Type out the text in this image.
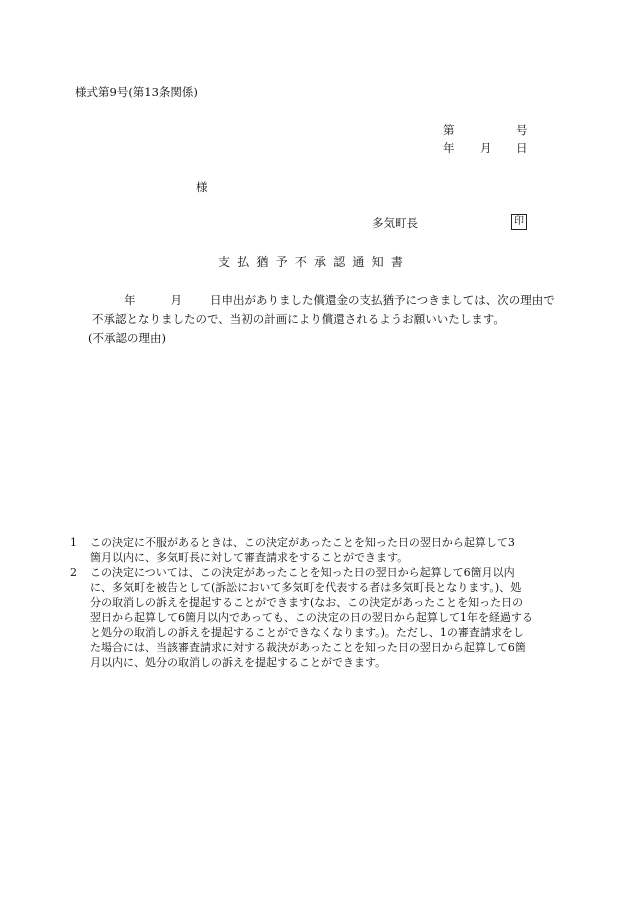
様式第9号(第13条関係)
第	号
年 月 日
様
多気町長	印
支 払 猶 予 不 承 認 通 知 書
年	月 日申出がありました償還金の支払猶予につきましては、次の理由で
不承認となりましたので、当初の計画により償還されるようお願いいたします。
(不承認の理由)
1	この決定に不服があるときは、この決定があったことを知った日の翌日から起算して3
箇月以内に、多気町長に対して審査請求をすることができます。
2	この決定については、この決定があったことを知った日の翌日から起算して6箇月以内
に、多気町を被告として(訴訟において多気町を代表する者は多気町長となります。)、処
分の取消しの訴えを提起することができます(なお、この決定があったことを知った日の
翌日から起算して6箇月以内であっても、この決定の日の翌日から起算して1年を経過する
と処分の取消しの訴えを提起することができなくなります。)。ただし、1の審査請求をし
た場合には、当該審査請求に対する裁決があったことを知った日の翌日から起算して6箇
月以内に、処分の取消しの訴えを提起することができます。
